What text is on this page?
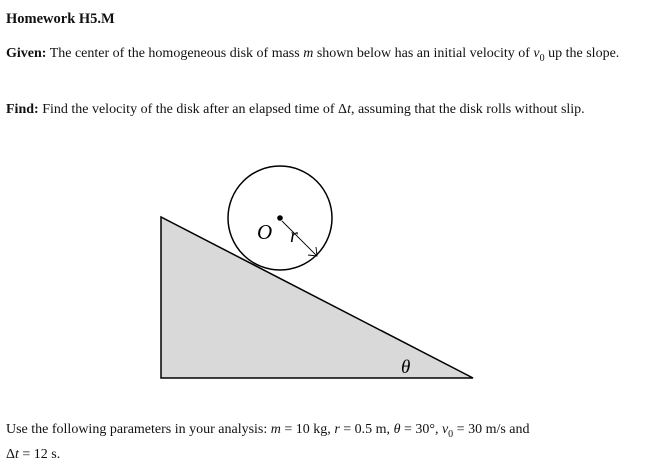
Homework H5.M
Given: The center of the homogeneous disk of mass m shown below has an initial velocity of $v_0$ up the slope.
Find: Find the velocity of the disk after an elapsed time of Δt, assuming that the disk rolls without slip.
O r
θ
Use the following parameters in your analysis: m = 10 kg, r = 0.5 m, θ = 30°, $v_0 = 30$ m/s and
Δt = 12 s.
